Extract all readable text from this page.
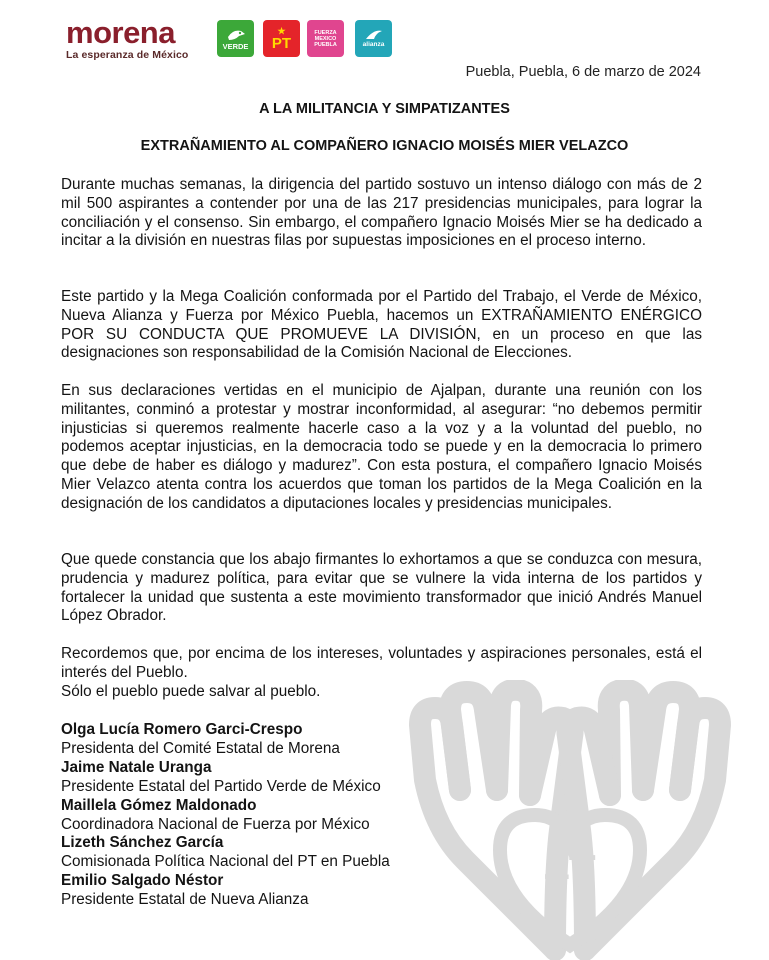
morena
La esperanza de México
VERDE
★
PT
FUERZA
MEXICO
PUEBLA	alianza
Puebla, Puebla, 6 de marzo de 2024
A LA MILITANCIA Y SIMPATIZANTES
EXTRAÑAMIENTO AL COMPAÑERO IGNACIO MOISÉS MIER VELAZCO
4T

Durante muchas semanas, la dirigencia del partido sostuvo un intenso diálogo con más de 2 mil 500 aspirantes a contender por una de las 217 presidencias municipales, para lograr la conciliación y el consenso. Sin embargo, el compañero Ignacio Moisés Mier se ha dedicado a incitar a la división en nuestras filas por supuestas imposiciones en el proceso interno.

Este partido y la Mega Coalición conformada por el Partido del Trabajo, el Verde de México, Nueva Alianza y Fuerza por México Puebla, hacemos un EXTRAÑAMIENTO ENÉRGICO POR SU CONDUCTA QUE PROMUEVE LA DIVISIÓN, en un proceso en que las designaciones son responsabilidad de la Comisión Nacional de Elecciones.

En sus declaraciones vertidas en el municipio de Ajalpan, durante una reunión con los militantes, conminó a protestar y mostrar inconformidad, al asegurar: “no debemos permitir injusticias si queremos realmente hacerle caso a la voz y a la voluntad del pueblo, no podemos aceptar injusticias, en la democracia todo se puede y en la democracia lo primero que debe de haber es diálogo y madurez”. Con esta postura, el compañero Ignacio Moisés Mier Velazco atenta contra los acuerdos que toman los partidos de la Mega Coalición en la designación de los candidatos a diputaciones locales y presidencias municipales.

Que quede constancia que los abajo firmantes lo exhortamos a que se conduzca con mesura, prudencia y madurez política, para evitar que se vulnere la vida interna de los partidos y fortalecer la unidad que sustenta a este movimiento transformador que inició Andrés Manuel López Obrador.

Recordemos que, por encima de los intereses, voluntades y aspiraciones personales, está el interés del Pueblo.

Sólo el pueblo puede salvar al pueblo.
Olga Lucía Romero Garci-Crespo
Presidenta del Comité Estatal de Morena
Jaime Natale Uranga
Presidente Estatal del Partido Verde de México
Maillela Gómez Maldonado
Coordinadora Nacional de Fuerza por México
Lizeth Sánchez García
Comisionada Política Nacional del PT en Puebla
Emilio Salgado Néstor
Presidente Estatal de Nueva Alianza
